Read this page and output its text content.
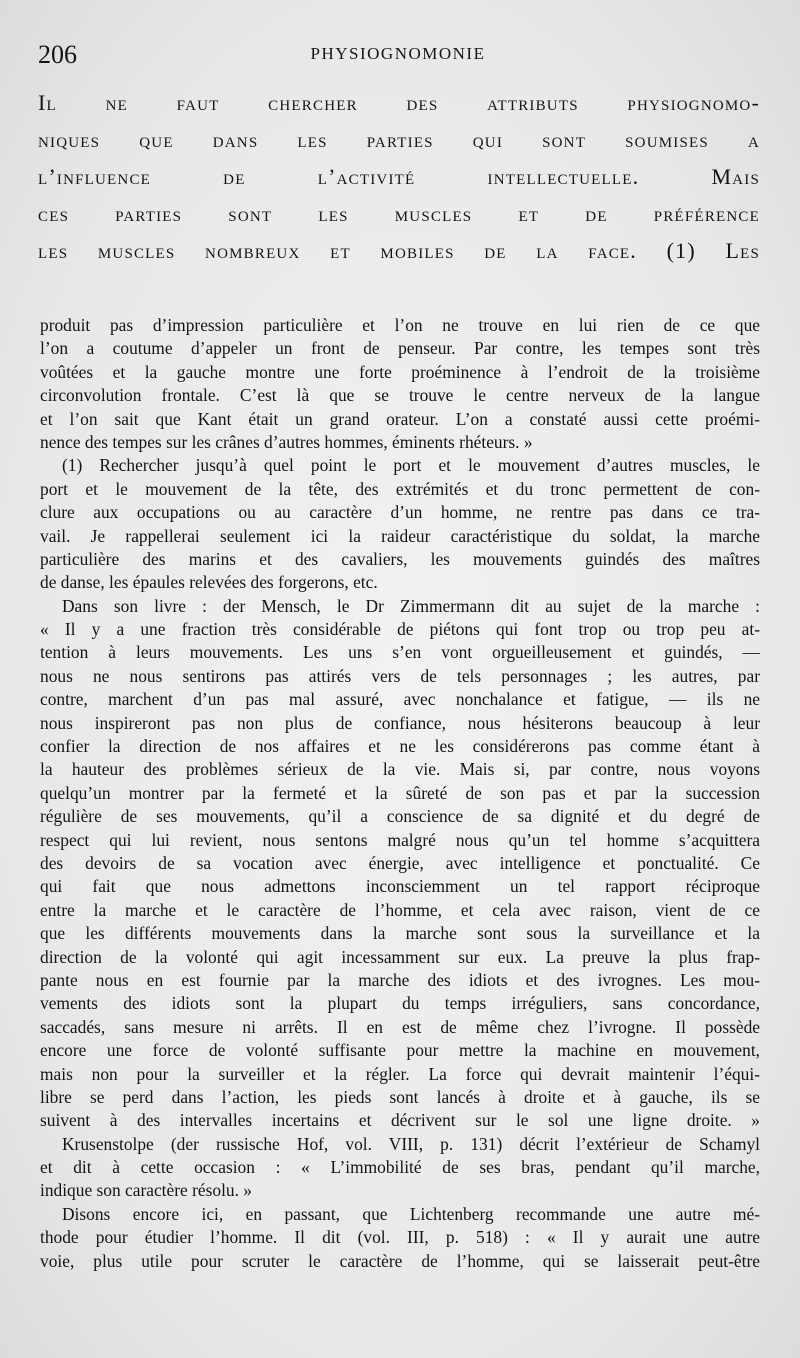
206	PHYSIOGNOMONIE
Il ne faut chercher des attributs physiognomo-
niques que dans les parties qui sont soumises a
l’influence de l’activité intellectuelle. Mais
ces parties sont les muscles et de préférence
les muscles nombreux et mobiles de la face. (1) Les
produit pas d’impression particulière et l’on ne trouve en lui rien de ce que
l’on a coutume d’appeler un front de penseur. Par contre, les tempes sont très
voûtées et la gauche montre une forte proéminence à l’endroit de la troisième
circonvolution frontale. C’est là que se trouve le centre nerveux de la langue
et l’on sait que Kant était un grand orateur. L’on a constaté aussi cette proémi-
nence des tempes sur les crânes d’autres hommes, éminents rhéteurs. »
(1) Rechercher jusqu’à quel point le port et le mouvement d’autres muscles, le
port et le mouvement de la tête, des extrémités et du tronc permettent de con-
clure aux occupations ou au caractère d’un homme, ne rentre pas dans ce tra-
vail. Je rappellerai seulement ici la raideur caractéristique du soldat, la marche
particulière des marins et des cavaliers, les mouvements guindés des maîtres
de danse, les épaules relevées des forgerons, etc.
Dans son livre : der Mensch, le Dr Zimmermann dit au sujet de la marche :
« Il y a une fraction très considérable de piétons qui font trop ou trop peu at-
tention à leurs mouvements. Les uns s’en vont orgueilleusement et guindés, —
nous ne nous sentirons pas attirés vers de tels personnages ; les autres, par
contre, marchent d’un pas mal assuré, avec nonchalance et fatigue, — ils ne
nous inspireront pas non plus de confiance, nous hésiterons beaucoup à leur
confier la direction de nos affaires et ne les considérerons pas comme étant à
la hauteur des problèmes sérieux de la vie. Mais si, par contre, nous voyons
quelqu’un montrer par la fermeté et la sûreté de son pas et par la succession
régulière de ses mouvements, qu’il a conscience de sa dignité et du degré de
respect qui lui revient, nous sentons malgré nous qu’un tel homme s’acquittera
des devoirs de sa vocation avec énergie, avec intelligence et ponctualité. Ce
qui fait que nous admettons inconsciemment un tel rapport réciproque
entre la marche et le caractère de l’homme, et cela avec raison, vient de ce
que les différents mouvements dans la marche sont sous la surveillance et la
direction de la volonté qui agit incessamment sur eux. La preuve la plus frap-
pante nous en est fournie par la marche des idiots et des ivrognes. Les mou-
vements des idiots sont la plupart du temps irréguliers, sans concordance,
saccadés, sans mesure ni arrêts. Il en est de même chez l’ivrogne. Il possède
encore une force de volonté suffisante pour mettre la machine en mouvement,
mais non pour la surveiller et la régler. La force qui devrait maintenir l’équi-
libre se perd dans l’action, les pieds sont lancés à droite et à gauche, ils se
suivent à des intervalles incertains et décrivent sur le sol une ligne droite. »
Krusenstolpe (der russische Hof, vol. VIII, p. 131) décrit l’extérieur de Schamyl
et dit à cette occasion : « L’immobilité de ses bras, pendant qu’il marche,
indique son caractère résolu. »
Disons encore ici, en passant, que Lichtenberg recommande une autre mé-
thode pour étudier l’homme. Il dit (vol. III, p. 518) : « Il y aurait une autre
voie, plus utile pour scruter le caractère de l’homme, qui se laisserait peut-être
